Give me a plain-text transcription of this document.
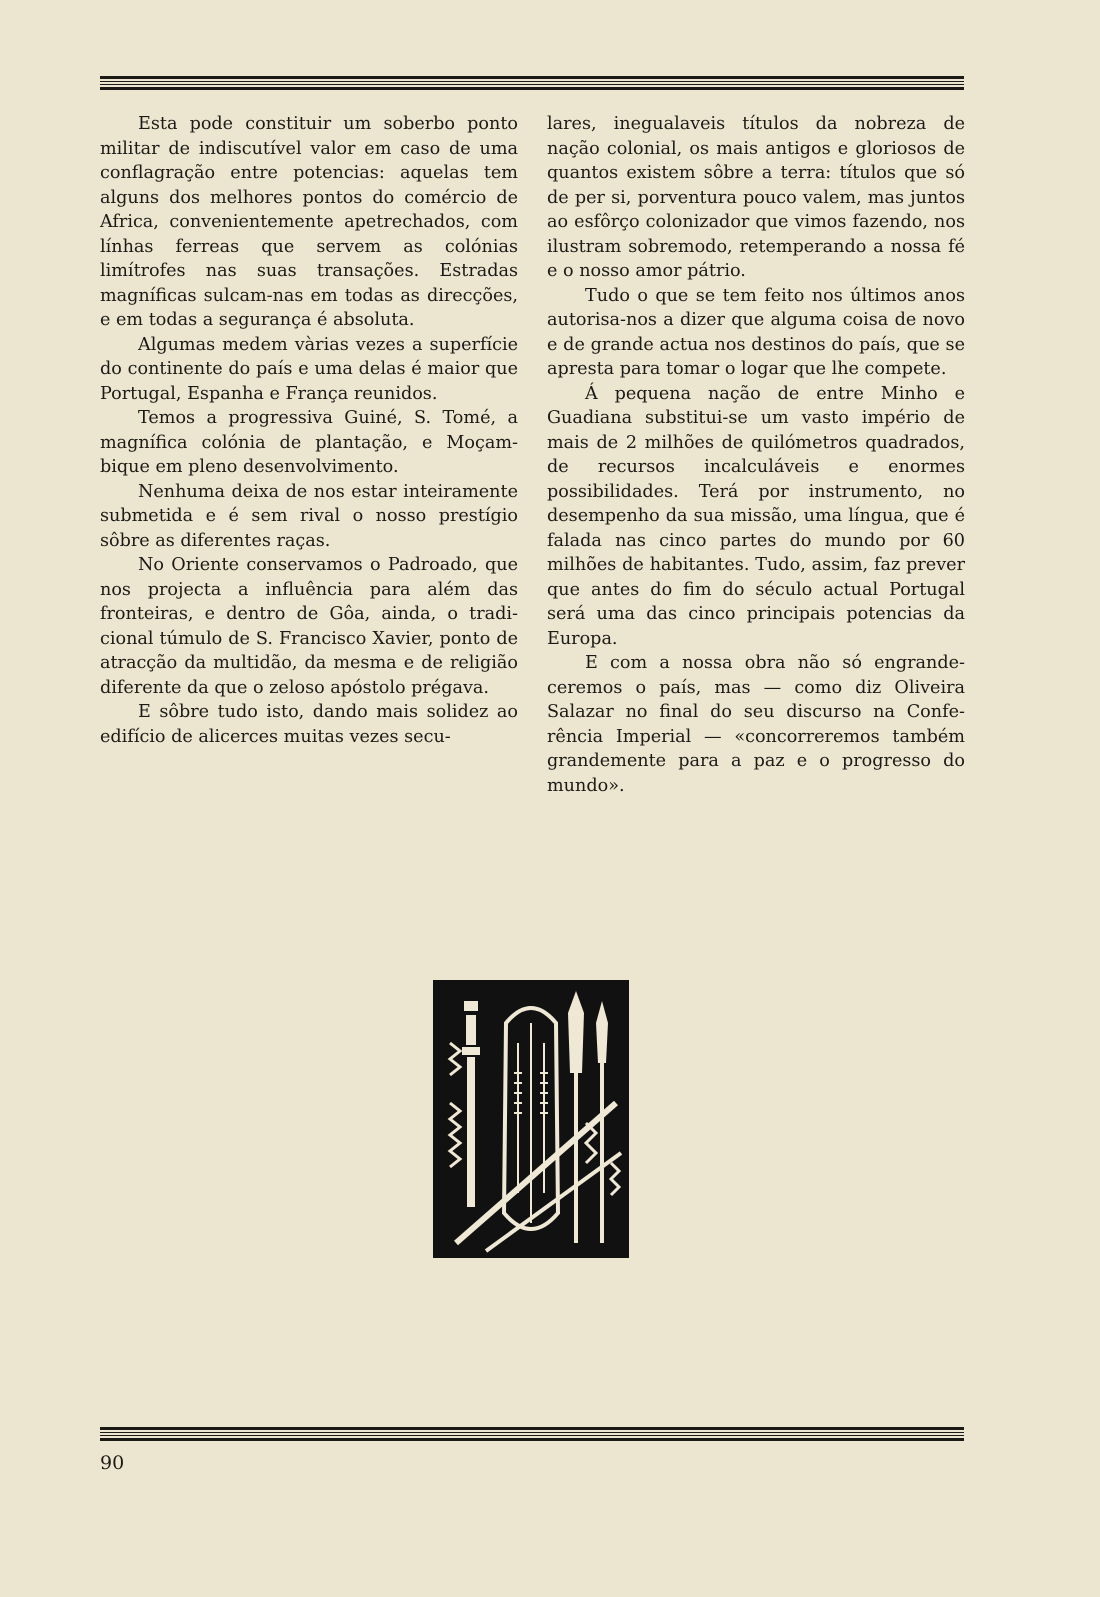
Esta pode constituir um soberbo ponto militar de indiscutível valor em caso de uma conflagração entre potencias: aquelas tem alguns dos melhores pontos do comércio de Africa, convenientemente apetrechados, com línhas ferreas que servem as colónias limítrofes nas suas transações. Estradas magníficas sulcam-nas em todas as direcções, e em todas a segurança é absoluta.

Algumas medem vàrias vezes a superfície do continente do país e uma delas é maior que Portugal, Espanha e França reunidos.

Temos a progressiva Guiné, S. Tomé, a magnífica colónia de plantação, e Moçambique em pleno desenvolvimento.

Nenhuma deixa de nos estar inteiramente submetida e é sem rival o nosso prestígio sôbre as diferentes raças.

No Oriente conservamos o Padroado, que nos projecta a influência para além das fronteiras, e dentro de Gôa, ainda, o tradicional túmulo de S. Francisco Xavier, ponto de atracção da multidão, da mesma e de religião diferente da que o zeloso apóstolo prégava.

E sôbre tudo isto, dando mais solidez ao edifício de alicerces muitas vezes secu-

lares, inegualaveis títulos da nobreza de nação colonial, os mais antigos e gloriosos de quantos existem sôbre a terra: títulos que só de per si, porventura pouco valem, mas juntos ao esfôrço colonizador que vimos fazendo, nos ilustram sobremodo, retemperando a nossa fé e o nosso amor pátrio.

Tudo o que se tem feito nos últimos anos autorisa-nos a dizer que alguma coisa de novo e de grande actua nos destinos do país, que se apresta para tomar o logar que lhe compete.

Á pequena nação de entre Minho e Guadiana substitui-se um vasto império de mais de 2 milhões de quilómetros quadrados, de recursos incalculáveis e enormes possibilidades. Terá por instrumento, no desempenho da sua missão, uma língua, que é falada nas cinco partes do mundo por 60 milhões de habitantes. Tudo, assim, faz prever que antes do fim do século actual Portugal será uma das cinco principais potencias da Europa.

E com a nossa obra não só engrandeceremos o país, mas — como diz Oliveira Salazar no final do seu discurso na Conferência Imperial — «concorreremos também grandemente para a paz e o progresso do mundo».

90
